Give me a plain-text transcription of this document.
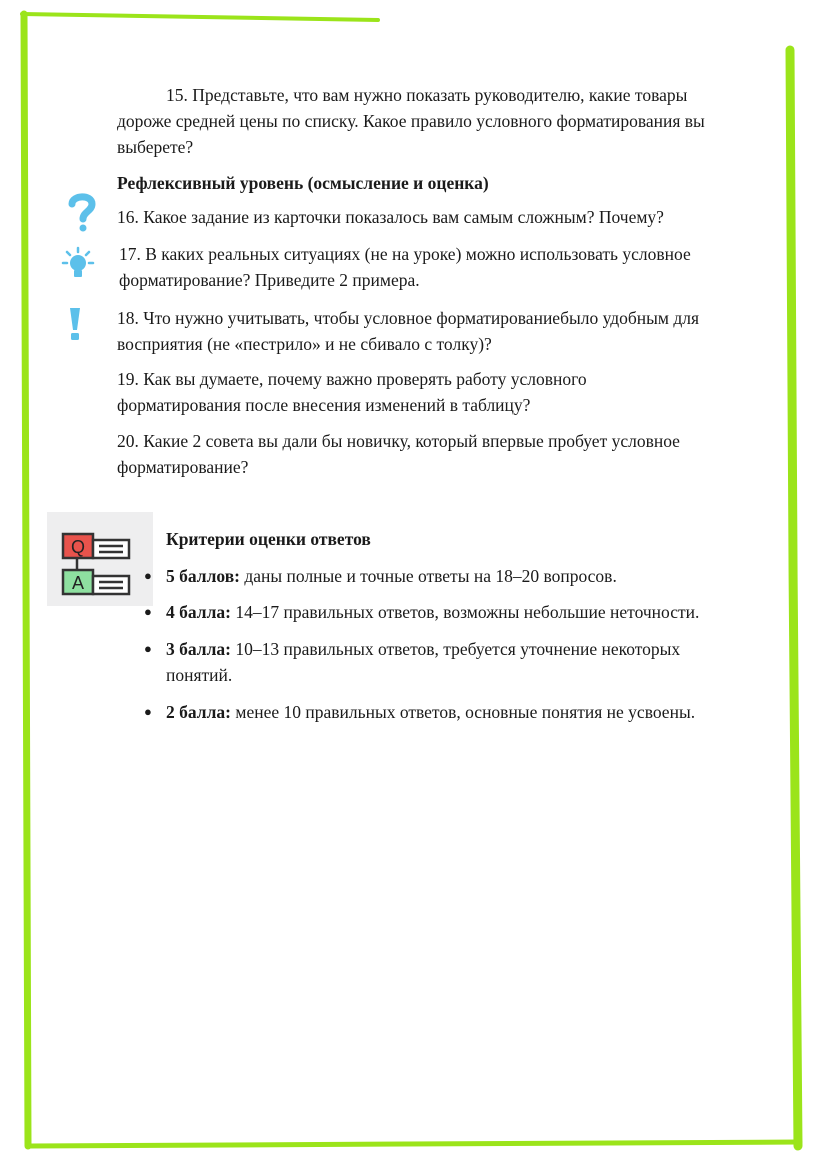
15. Представьте, что вам нужно показать руководителю, какие товары

дороже средней цены по списку. Какое правило условного форматирования вы

выберете?

Рефлексивный уровень (осмысление и оценка)

16. Какое задание из карточки показалось вам самым сложным? Почему?

17. В каких реальных ситуациях (не на уроке) можно использовать условное

форматирование? Приведите 2 примера.

18. Что нужно учитывать, чтобы условное форматированиебыло удобным для

восприятия (не «пестрило» и не сбивало с толку)?

19. Как вы думаете, почему важно проверять работу условного

форматирования после внесения изменений в таблицу?

20. Какие 2 совета вы дали бы новичку, который впервые пробует условное

форматирование?

Q
A

Критерии оценки ответов

● 5 баллов: даны полные и точные ответы на 18–20 вопросов.

● 4 балла: 14–17 правильных ответов, возможны небольшие неточности.

● 3 балла: 10–13 правильных ответов, требуется уточнение некоторых

понятий.

● 2 балла: менее 10 правильных ответов, основные понятия не усвоены.
